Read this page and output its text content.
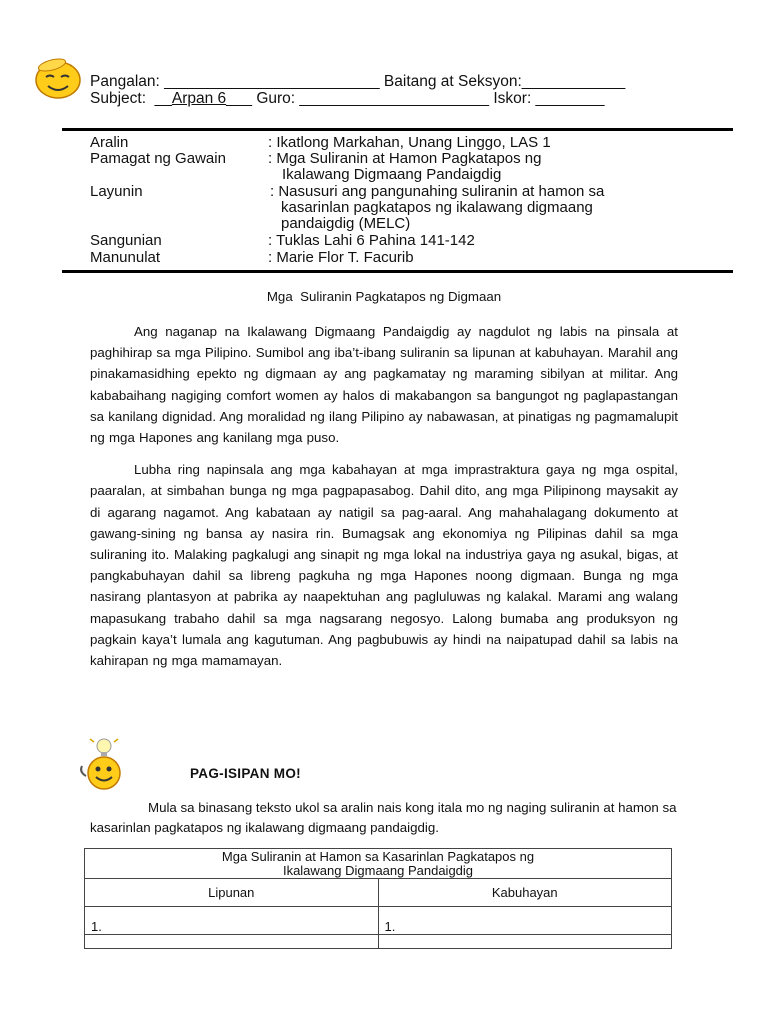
Pangalan: _________________________ Baitang at Seksyon:____________
Subject:  __Arpan 6___ Guro: ______________________ Iskor: ________
Aralin	: Ikatlong Markahan, Unang Linggo, LAS 1
Pamagat ng Gawain	: Mga Suliranin at Hamon Pagkatapos ng
Ikalawang Digmaang Pandaigdig
Layunin	: Nasusuri ang pangunahing suliranin at hamon sa
kasarinlan pagkatapos ng ikalawang digmaang
pandaigdig (MELC)
Sangunian	: Tuklas Lahi 6 Pahina 141-142
Manunulat	: Marie Flor T. Facurib
Mga  Suliranin Pagkatapos ng Digmaan

Ang naganap na Ikalawang Digmaang Pandaigdig ay nagdulot ng labis na pinsala at paghihirap sa mga Pilipino. Sumibol ang iba’t-ibang suliranin sa lipunan at kabuhayan. Marahil ang pinakamasidhing epekto ng digmaan ay ang pagkamatay ng maraming sibilyan at militar. Ang kababaihang nagiging comfort women ay halos di makabangon sa bangungot ng paglapastangan sa kanilang dignidad. Ang moralidad ng ilang Pilipino ay nabawasan, at pinatigas ng pagmamalupit ng mga Hapones ang kanilang mga puso.

Lubha ring napinsala ang mga kabahayan at mga imprastraktura gaya ng mga ospital, paaralan, at simbahan bunga ng mga pagpapasabog. Dahil dito, ang mga Pilipinong maysakit ay di agarang nagamot. Ang kabataan ay natigil sa pag-aaral. Ang mahahalagang dokumento at gawang-sining ng bansa ay nasira rin. Bumagsak ang ekonomiya ng Pilipinas dahil sa mga suliraning ito. Malaking pagkalugi ang sinapit ng mga lokal na industriya gaya ng asukal, bigas, at pangkabuhayan dahil sa libreng pagkuha ng mga Hapones noong digmaan. Bunga ng mga nasirang plantasyon at pabrika ay naapektuhan ang pagluluwas ng kalakal. Marami ang walang mapasukang trabaho dahil sa mga nagsarang negosyo. Lalong bumaba ang produksyon ng pagkain kaya’t lumala ang kagutuman. Ang pagbubuwis ay hindi na naipatupad dahil sa labis na kahirapan ng mga mamamayan.

PAG-ISIPAN MO!
Mula sa binasang teksto ukol sa aralin nais kong itala mo ng naging suliranin at hamon sa kasarinlan pagkatapos ng ikalawang digmaang pandaigdig.
Mga Suliranin at Hamon sa Kasarinlan Pagkatapos ng
Ikalawang Digmaang Pandaigdig	

Lipunan	Kabuhayan
1.	1.
